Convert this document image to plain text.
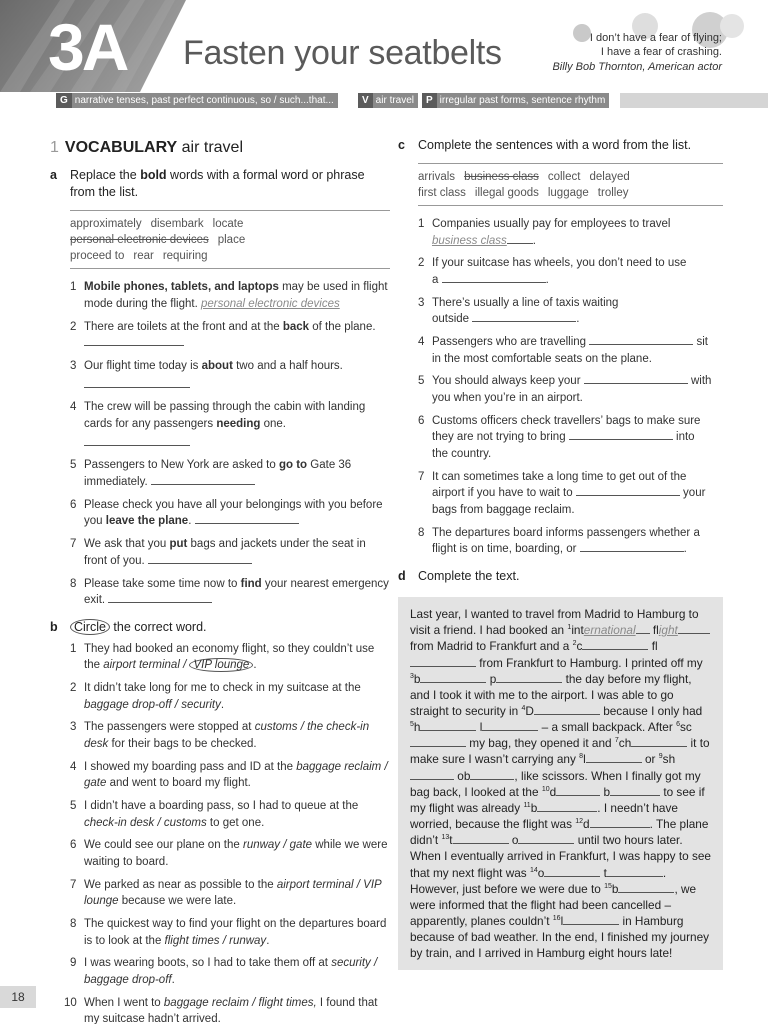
3A Fasten your seatbelts	I don’t have a fear of flying;
I have a fear of crashing.
Billy Bob Thornton, American actor
G narrative tenses, past perfect continuous, so / such...that...	V air travel	P irregular past forms, sentence rhythm
1 VOCABULARY air travel
a Replace the bold words with a formal word or phrase from the list.
approximately disembark locate
personal electronic devices place
proceed to rear requiring
1 Mobile phones, tablets, and laptops may be used in flight mode during the flight. personal electronic devices
2 There are toilets at the front and at the back of the plane.
3 Our flight time today is about two and a half hours.

4 The crew will be passing through the cabin with landing cards for any passengers needing one.

5 Passengers to New York are asked to go to Gate 36 immediately.
6 Please check you have all your belongings with you before you leave the plane.
7 We ask that you put bags and jackets under the seat in front of you.
8 Please take some time now to find your nearest emergency exit.
b Circle the correct word.
1 They had booked an economy flight, so they couldn’t use the airport terminal / VIP lounge .
2 It didn’t take long for me to check in my suitcase at the baggage drop-off / security.
3 The passengers were stopped at customs / the check-in desk for their bags to be checked.
4 I showed my boarding pass and ID at the baggage reclaim / gate and went to board my flight.
5 I didn’t have a boarding pass, so I had to queue at the check-in desk / customs to get one.
6 We could see our plane on the runway / gate while we were waiting to board.
7 We parked as near as possible to the airport terminal / VIP lounge because we were late.
8 The quickest way to find your flight on the departures board is to look at the flight times / runway.
9 I was wearing boots, so I had to take them off at security / baggage drop-off.
10 When I went to baggage reclaim / flight times, I found that my suitcase hadn’t arrived.
c Complete the sentences with a word from the list.
arrivals business class collect delayed
first class illegal goods luggage trolley
1 Companies usually pay for employees to travel
business class .
2 If your suitcase has wheels, you don’t need to use
a	.
3 There’s usually a line of taxis waiting
outside	.
4 Passengers who are travelling	sit
in the most comfortable seats on the plane.
5 You should always keep your	with
you when you’re in an airport.
6 Customs officers check travellers’ bags to make sure
they are not trying to bring	into
the country.
7 It can sometimes take a long time to get out of the
airport if you have to wait to	your
bags from baggage reclaim.
8 The departures board informs passengers whether a
flight is on time, boarding, or	.
d Complete the text.
Last year, I wanted to travel from Madrid to Hamburg to visit a friend. I had booked an $^1$international flight from Madrid to Frankfurt and a $^2$c	fl from Frankfurt to Hamburg. I printed off my $^3$b	p	the day before my flight, and I took it with me to the airport. I was able to go straight to security in $^4$D	because I only had $^5$h	l	– a small backpack. After $^6$sc my bag, they opened it and $^7$ch	it to make sure I wasn’t carrying any $^8$l	or $^9$sh ob	, like scissors. When I finally got my bag back, I looked at the $^{10}$d	b	to see if my flight was already $^{11}$b	. I needn’t have worried, because the flight was $^{12}$d	. The plane didn’t $^{13}$t	o	until two hours later. When I eventually arrived in Frankfurt, I was happy to see that my next flight was $^{14}$o	t	. However, just before we were due to $^{15}$b	, we were informed that the flight had been cancelled – apparently, planes couldn’t $^{16}$l	in Hamburg because of bad weather. In the end, I finished my journey by train, and I arrived in Hamburg eight hours late!
18
